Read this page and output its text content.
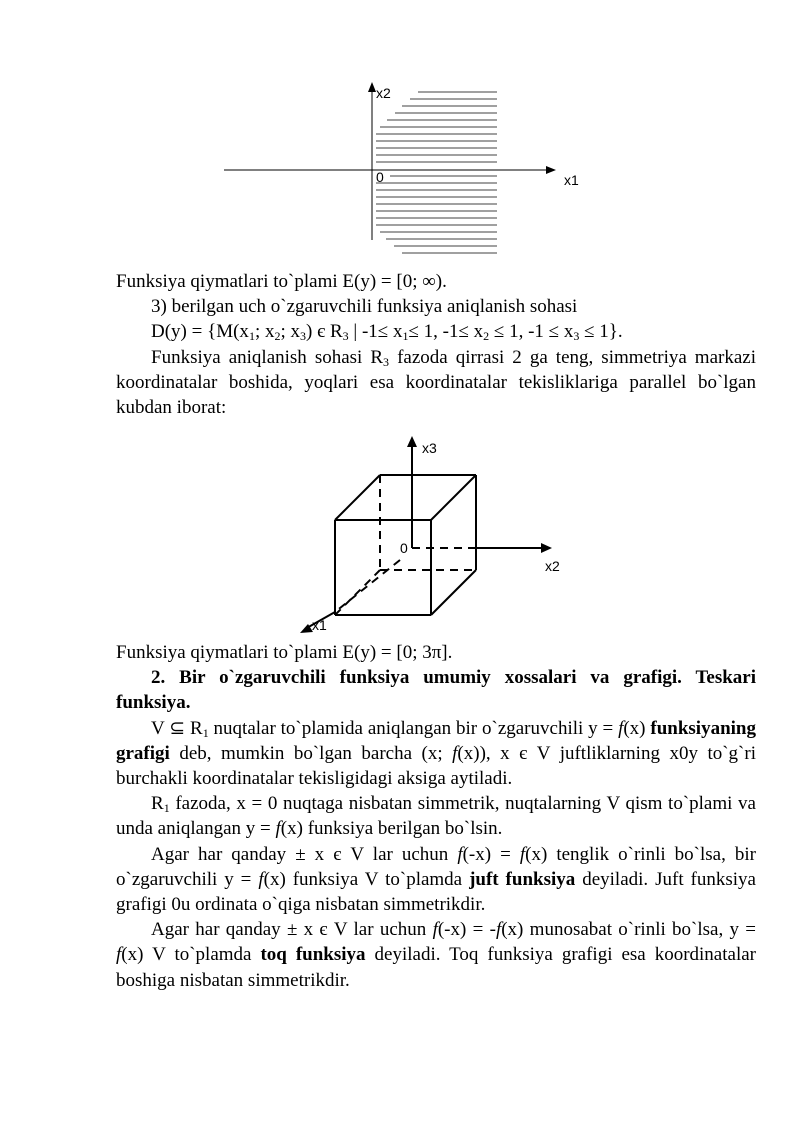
x2
x1
0

Funksiya qiymatlari to`plami E(y) = [0; ∞).

3) berilgan uch o`zgaruvchili funksiya aniqlanish sohasi

$D(y) = \{M(x_1$; $x_2$; $x_3$) є $R_3$ | $-1\le x_1\le 1$, $-1\le x_2 \le 1$, $-1 \le x_3 \le 1$}.

Funksiya aniqlanish sohasi $R_3$ fazoda qirrasi 2 ga teng, simmetriya markazi koordinatalar boshida, yoqlari esa koordinatalar tekisliklariga parallel bo`lgan kubdan iborat:

x3
x2
x1
0

Funksiya qiymatlari to`plami E(y) = [0; 3π].

2. Bir o`zgaruvchili funksiya umumiy xossalari va grafigi. Teskari funksiya.

V ⊆ $R_1$ nuqtalar to`plamida aniqlangan bir o`zgaruvchili y = f(x) funksiyaning grafigi deb, mumkin bo`lgan barcha (x; f(x)), x є V juftliklarning x0y to`g`ri burchakli koordinatalar tekisligidagi aksiga aytiladi.

$R_1$ fazoda, x = 0 nuqtaga nisbatan simmetrik, nuqtalarning V qism to`plami va unda aniqlangan y = f(x) funksiya berilgan bo`lsin.

Agar har qanday ± x є V lar uchun f(-x) = f(x) tenglik o`rinli bo`lsa, bir o`zgaruvchili y = f(x) funksiya V to`plamda juft funksiya deyiladi. Juft funksiya grafigi 0u ordinata o`qiga nisbatan simmetrikdir.

Agar har qanday ± x є V lar uchun f(-x) = -f(x) munosabat o`rinli bo`lsa, y = f(x) V to`plamda toq funksiya deyiladi. Toq funksiya grafigi esa koordinatalar boshiga nisbatan simmetrikdir.
